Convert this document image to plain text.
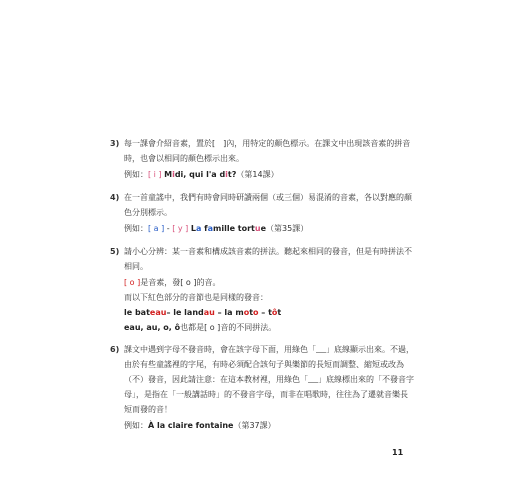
3) 每一課會介紹音素，置於[　]內，用特定的顏色標示。在課文中出現該音素的拼音
時，也會以相同的顏色標示出來。
例如：[ i ] Midi, qui l'a dit?（第14課）
4) 在一首童謠中，我們有時會同時研讀兩個（或三個）易混淆的音素，各以對應的顏
色分別標示。
例如：[ a ] - [ y ] La famille tortue（第35課）
5) 請小心分辨：某一音素和構成該音素的拼法。聽起來相同的發音，但是有時拼法不
相同。
[ o ]是音素，發[ o ]的音。
而以下紅色部分的音節也是同樣的發音：
le bateau– le landau – la moto – tôt
eau, au, o, ô也都是[ o ]音的不同拼法。
6) 課文中遇到字母不發音時，會在該字母下面，用綠色「 」底線顯示出來。不過，
由於有些童謠裡的字尾，有時必須配合該句子與樂節的長短而調整、縮短或改為
（不）發音，因此請注意：在這本教材裡，用綠色「 」底線標出來的「不發音字
母」，是指在「一般講話時」的不發音字母，而非在唱歌時，往往為了遷就音樂長
短而發的音！
例如：À la claire fontaine（第37課）
11
